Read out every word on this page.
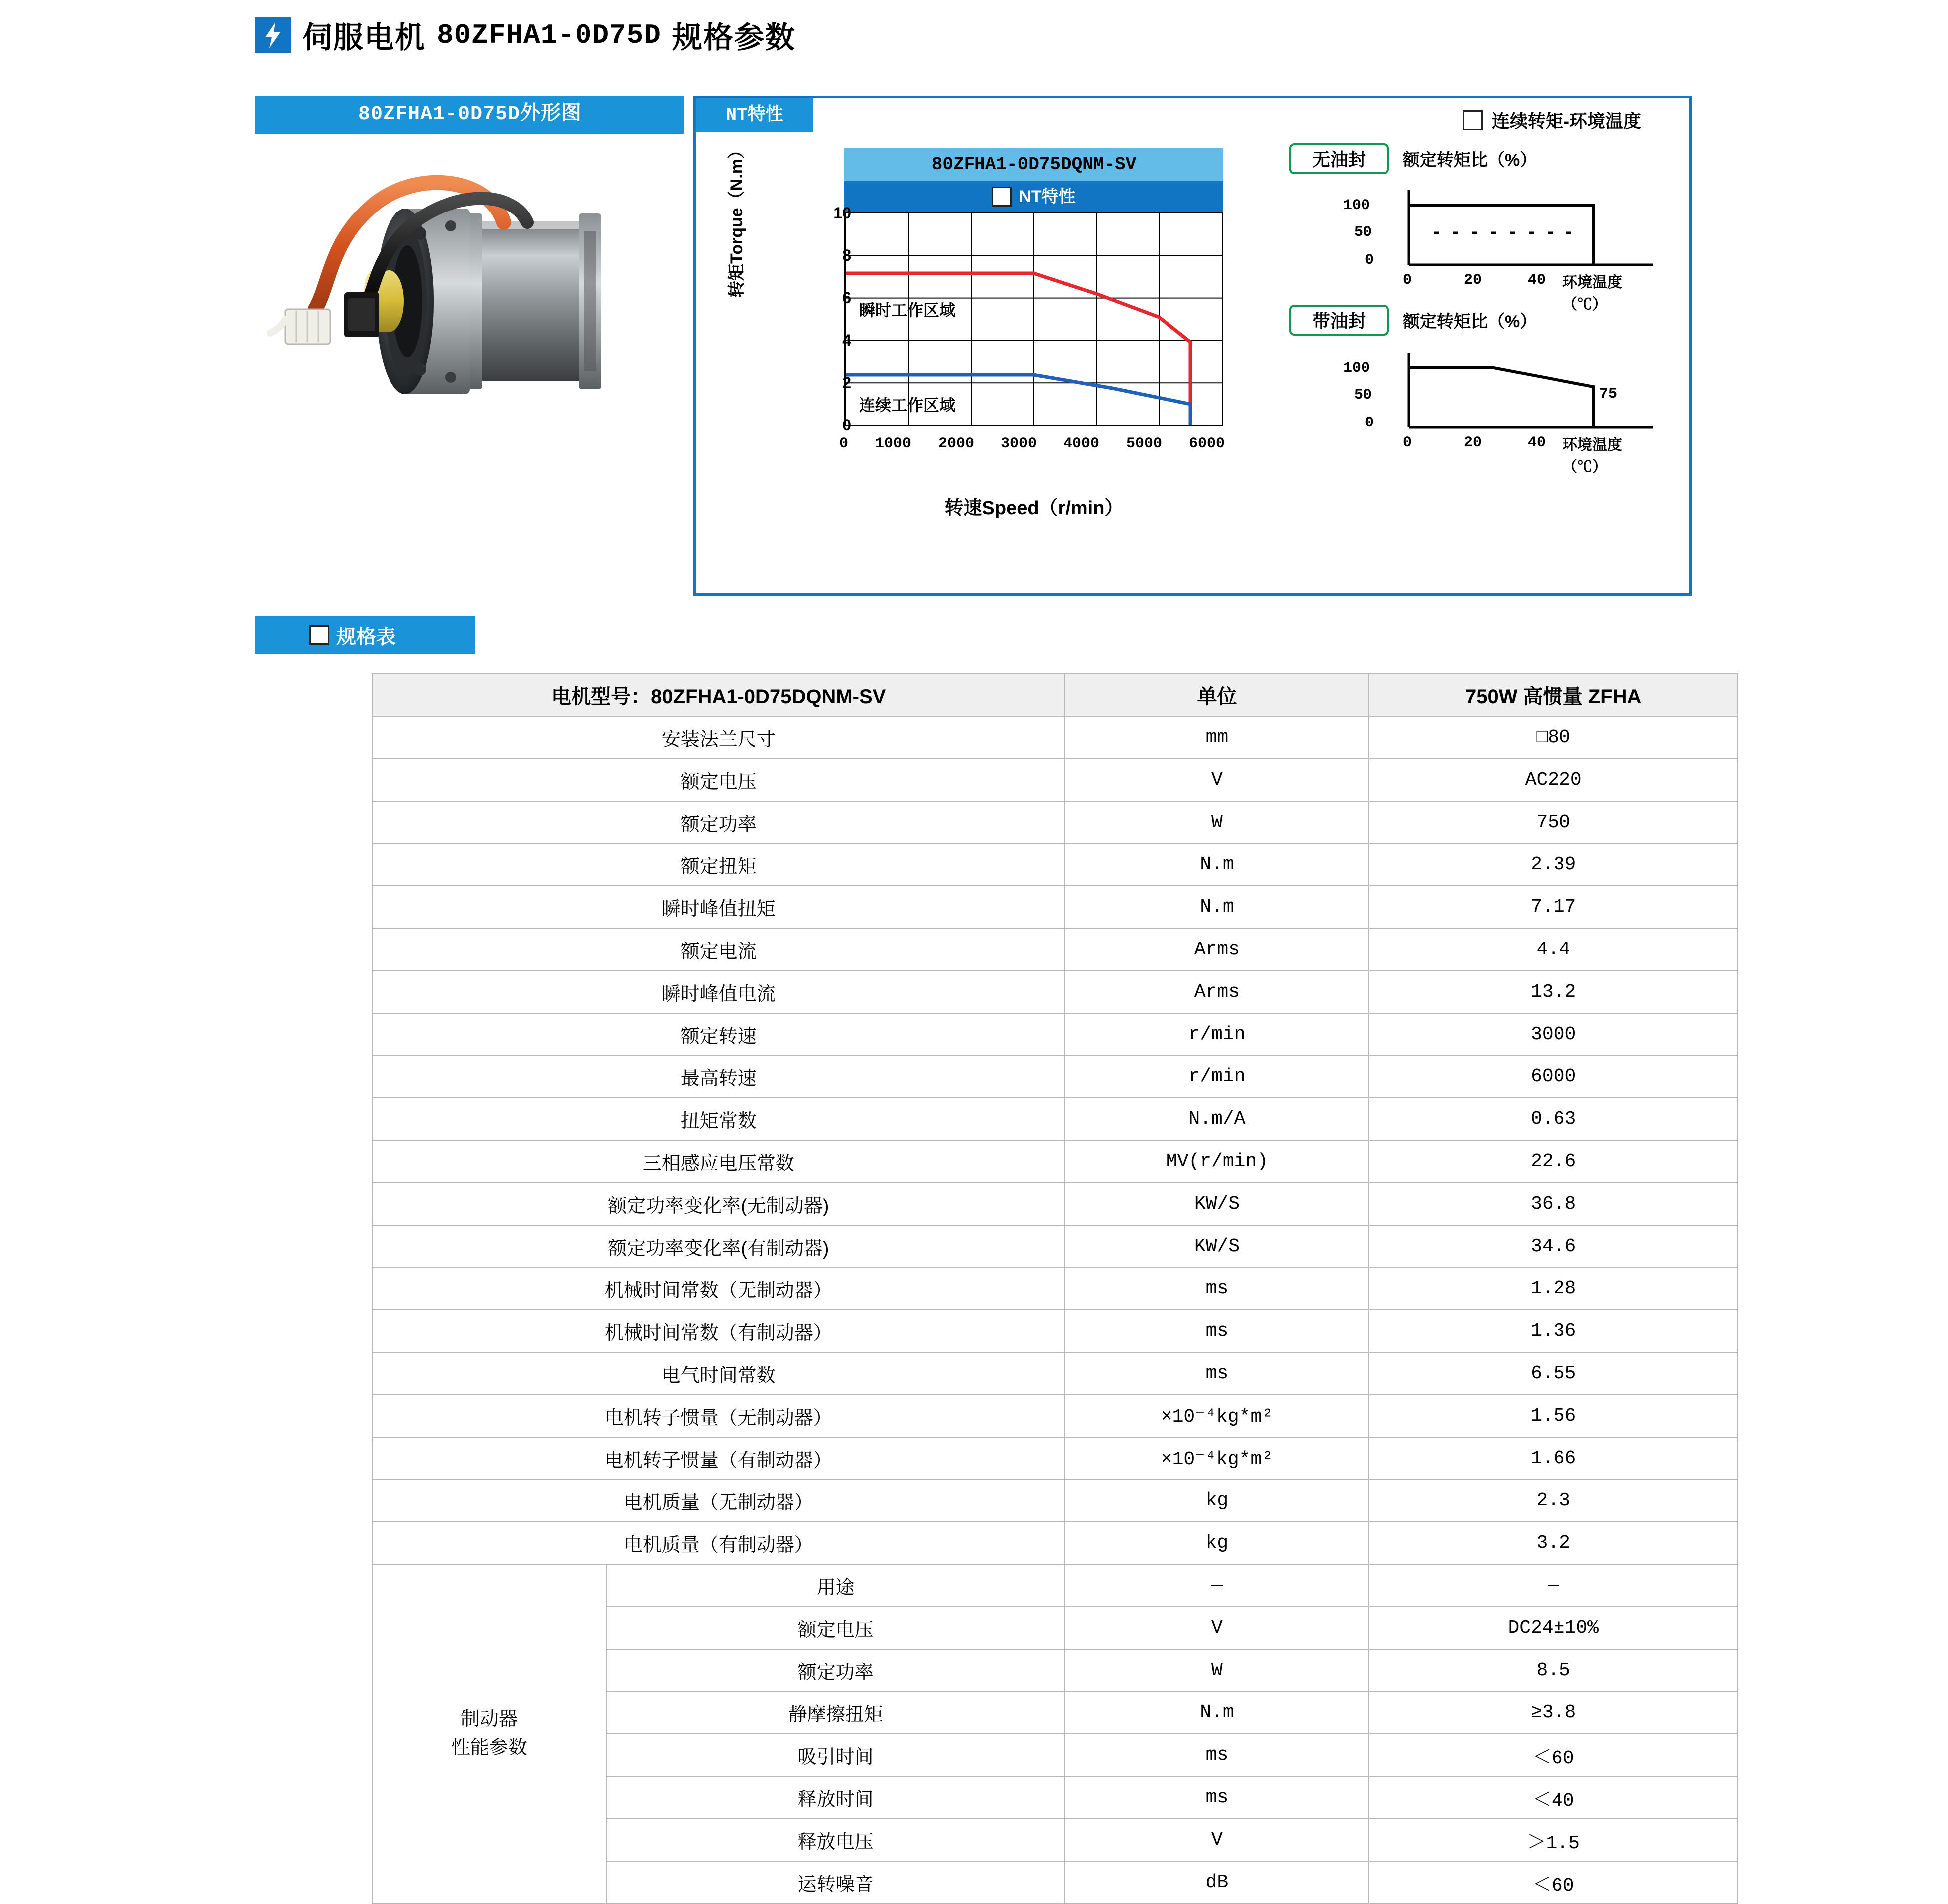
伺服电机 80ZFHA1-0D75D 规格参数
80ZFHA1-0D75D外形图	NT特性	连续转矩-环境温度
80ZFHA1-0D75DQNM-SV
NT特性
转矩Torque（N.m）
转速Speed（r/min）
10
8
6
4
2
0
0 1000 2000 3000 4000 5000 6000
瞬时工作区域
连续工作区域
无油封	额定转矩比（%）
100
50
0
0	20	40 环境温度（℃）
带油封	额定转矩比（%）
100
50
0
0	20	40
75
环境温度（℃）
规格表
电机型号：80ZFHA1-0D75DQNM-SV		单位	750W 高惯量 ZFHA
安装法兰尺寸		mm	□80
额定电压		V	AC220
额定功率		W	750
额定扭矩		N.m	2.39
瞬时峰值扭矩		N.m	7.17
额定电流		Arms	4.4
瞬时峰值电流		Arms	13.2
额定转速		r/min	3000
最高转速		r/min	6000
扭矩常数		N.m/A	0.63
三相感应电压常数		MV(r/min)	22.6
额定功率变化率(无制动器)		KW/S	36.8
额定功率变化率(有制动器)		KW/S	34.6
机械时间常数（无制动器）		ms	1.28
机械时间常数（有制动器）		ms	1.36
电气时间常数		ms	6.55
电机转子惯量（无制动器）		×10⁻⁴kg*m²	1.56
电机转子惯量（有制动器）		×10⁻⁴kg*m²	1.66
电机质量（无制动器）		kg	2.3
电机质量（有制动器）		kg	3.2
制动器
性能参数	用途	—	—
	额定电压	V	DC24±10%
	额定功率	W	8.5
	静摩擦扭矩	N.m	≥3.8
	吸引时间	ms	＜60
	释放时间	ms	＜40
	释放电压	V	＞1.5
	运转噪音	dB	＜60
